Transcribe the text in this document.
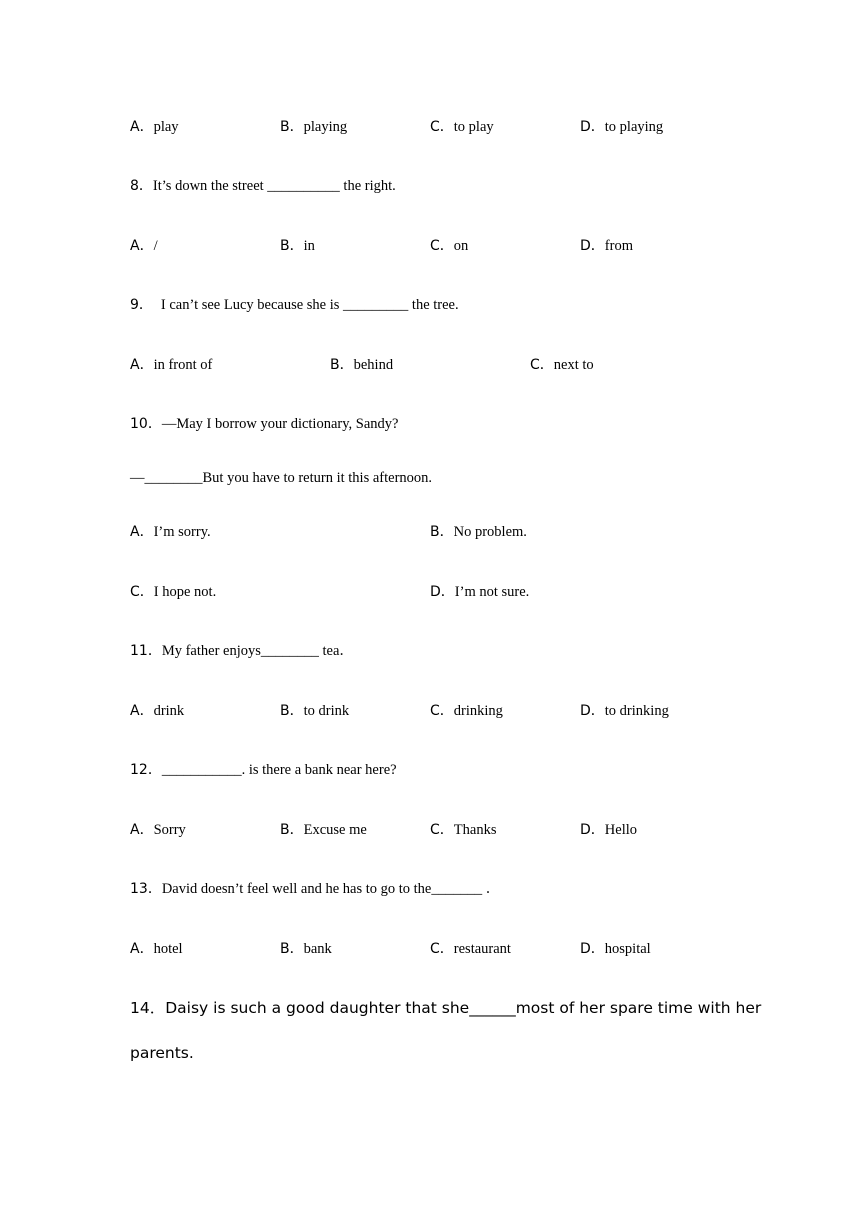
A．play	B．playing	C．to play	D．to playing
8．It’s down the street __________ the right.
A．/	B．in	C．on	D．from
9． I can’t see Lucy because she is _________ the tree.
A．in front of	B．behind	C．next to
10．—May I borrow your dictionary, Sandy?
—________But you have to return it this afternoon.
A．I’m sorry.	B．No problem.
C．I hope not.	D．I’m not sure.
11．My father enjoys________ tea．
A．drink	B．to drink	C．drinking	D．to drinking
12．___________. is there a bank near here?
A．Sorry	B．Excuse me	C．Thanks	D．Hello
13．David doesn’t feel well and he has to go to the_______ ．
A．hotel	B．bank	C．restaurant	D．hospital
14．Daisy is such a good daughter that she______most of her spare time with her
parents.
